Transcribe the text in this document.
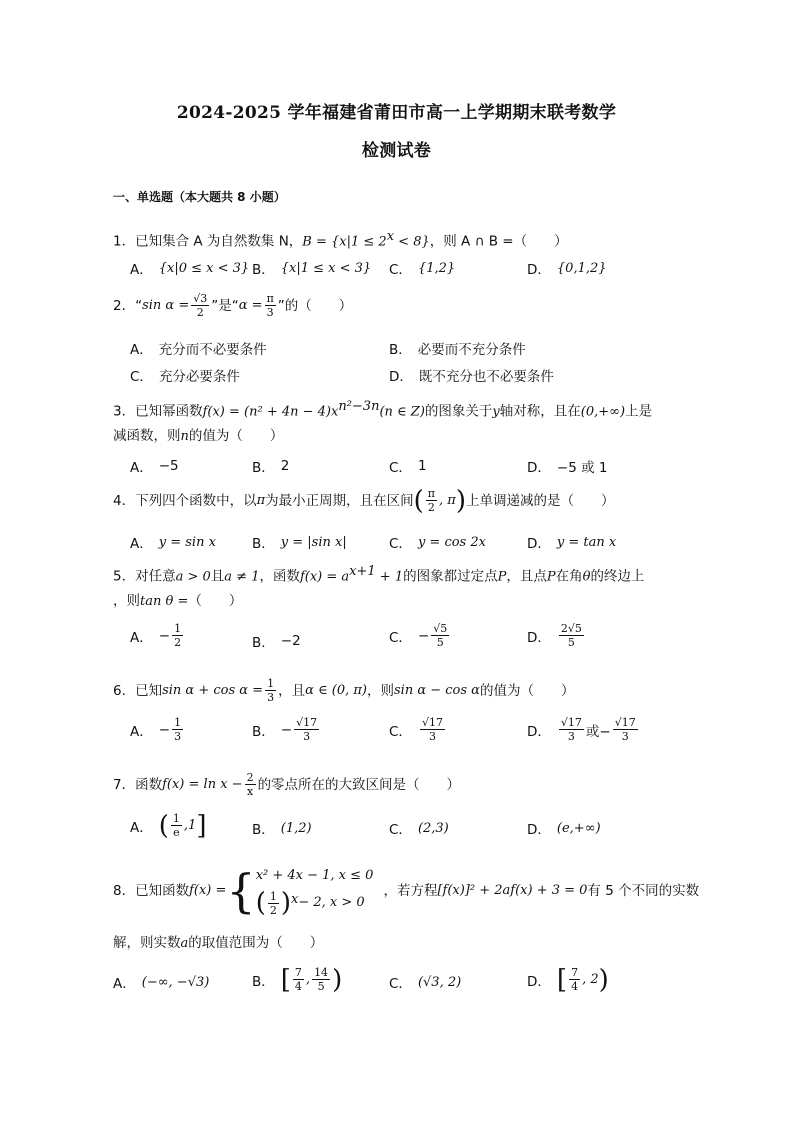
2024-2025 学年福建省莆田市高一上学期期末联考数学
检测试卷
一、单选题（本大题共 8 小题）
1．已知集合 A 为自然数集 N，$B = \{x|1 \le 2^x < 8\}$，则 A ∩ B =（　　）
A． {x|0 ≤ x < 3} B． {x|1 ≤ x < 3} C． {1,2}	D． {0,1,2}
2．“ $\sin \alpha = \frac{√3}{2}$ ”是“ $\alpha = \frac{\pi}{3}$ ”的（　　）
A． 充分而不必要条件	B． 必要而不充分条件
C． 充分必要条件	D． 既不充分也不必要条件
3．已知幂函数$f(x) = (n^2 + 4n - 4)x^{n^2-3n}(n$ ∈ Z)的图象关于y轴对称，且在(0,+∞)上是
减函数，则n的值为（　　）
A． −5	B． 2	C． 1	D． −5 或 1
4．下列四个函数中，以 π 为最小正周期，且在区间 ( $\frac{\pi}{2}$ , π ) 上单调递减的是（　　）
A． y = sin x	B． y = |sin x|	C． y = cos 2x	D． y = tan x
5．对任意a > 0且a ≠ 1，函数$f(x) = a^{x+1} + 1$的图象都过定点P，且点P在角θ的终边上
，则tan θ =（　　）
A． − $\frac{1}{2}$	B． −2	C． − $\frac{√5}{5}$	D． $\frac{2√5}{5}$
6．已知 $\sin \alpha + \cos \alpha = \frac{1}{3}$ ，且 α ∈ (0, π) ，则 sin α − cos α 的值为（　　）
A． − $\frac{1}{3}$	B． − $\frac{√17}{3}$	C． $\frac{√17}{3}$	D． $\frac{√17}{3}$ 或− $\frac{√17}{3}$
7．函数 $f(x) = \ln x - \frac{2}{x}$ 的零点所在的大致区间是（　　）
A． ( $\frac{1}{e} ,1$ ]	B． (1,2)	C． (2,3)	D． (e,+∞)
8．已知函数 f(x) = { x² + 4x − 1, x ≤ 0
( $\frac{1}{2}$ ) x − 2, x > 0
，若方程 [f(x)]² + 2af(x) + 3 = 0 有 5 个不同的实数
解，则实数a的取值范围为（　　）
A． (−∞, −√3)	B． [ $\frac{7}{4}$ , $\frac{14}{5}$ )	C． (√3, 2)	D． [ $\frac{7}{4}$ , 2 )
